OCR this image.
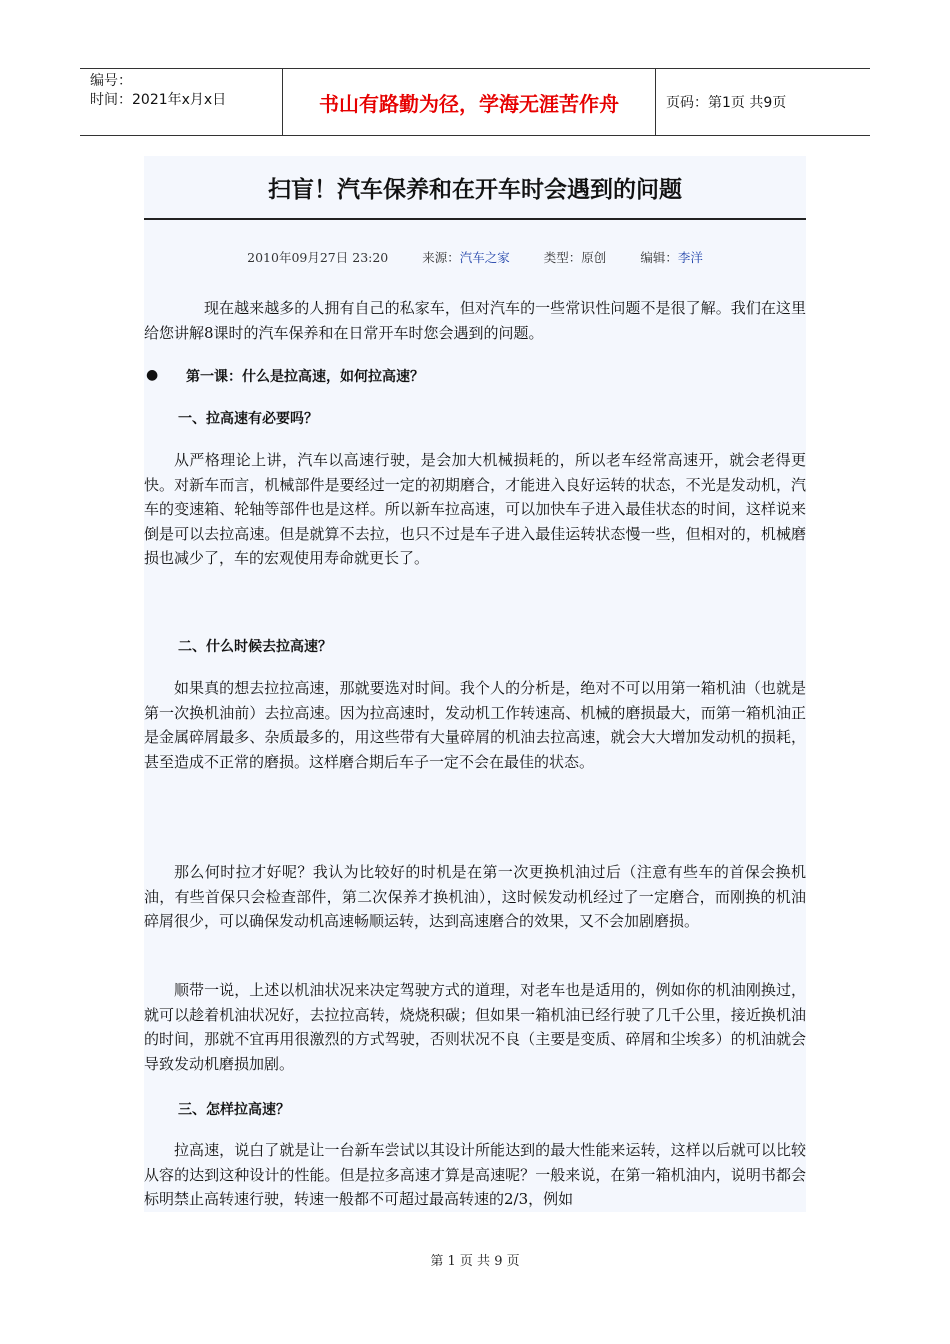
编号：
时间：2021年x月x日	书山有路勤为径，学海无涯苦作舟	页码：第1页 共9页
扫盲！汽车保养和在开车时会遇到的问题
2010年09月27日 23:20	来源：汽车之家	类型：原创	编辑：李洋

现在越来越多的人拥有自己的私家车，但对汽车的一些常识性问题不是很了解。我们在这里给您讲解8课时的汽车保养和在日常开车时您会遇到的问题。

● 第一课：什么是拉高速，如何拉高速？
一、拉高速有必要吗？

从严格理论上讲，汽车以高速行驶，是会加大机械损耗的，所以老车经常高速开，就会老得更快。对新车而言，机械部件是要经过一定的初期磨合，才能进入良好运转的状态，不光是发动机，汽车的变速箱、轮轴等部件也是这样。所以新车拉高速，可以加快车子进入最佳状态的时间，这样说来倒是可以去拉高速。但是就算不去拉，也只不过是车子进入最佳运转状态慢一些，但相对的，机械磨损也减少了，车的宏观使用寿命就更长了。

二、什么时候去拉高速？

如果真的想去拉拉高速，那就要选对时间。我个人的分析是，绝对不可以用第一箱机油（也就是第一次换机油前）去拉高速。因为拉高速时，发动机工作转速高、机械的磨损最大，而第一箱机油正是金属碎屑最多、杂质最多的，用这些带有大量碎屑的机油去拉高速，就会大大增加发动机的损耗，甚至造成不正常的磨损。这样磨合期后车子一定不会在最佳的状态。

那么何时拉才好呢？我认为比较好的时机是在第一次更换机油过后（注意有些车的首保会换机油，有些首保只会检查部件，第二次保养才换机油），这时候发动机经过了一定磨合，而刚换的机油碎屑很少，可以确保发动机高速畅顺运转，达到高速磨合的效果，又不会加剧磨损。

顺带一说，上述以机油状况来决定驾驶方式的道理，对老车也是适用的，例如你的机油刚换过，就可以趁着机油状况好，去拉拉高转，烧烧积碳；但如果一箱机油已经行驶了几千公里，接近换机油的时间，那就不宜再用很激烈的方式驾驶，否则状况不良（主要是变质、碎屑和尘埃多）的机油就会导致发动机磨损加剧。

三、怎样拉高速？

拉高速，说白了就是让一台新车尝试以其设计所能达到的最大性能来运转，这样以后就可以比较从容的达到这种设计的性能。但是拉多高速才算是高速呢？一般来说，在第一箱机油内，说明书都会标明禁止高转速行驶，转速一般都不可超过最高转速的2/3，例如

第 1 页 共 9 页
